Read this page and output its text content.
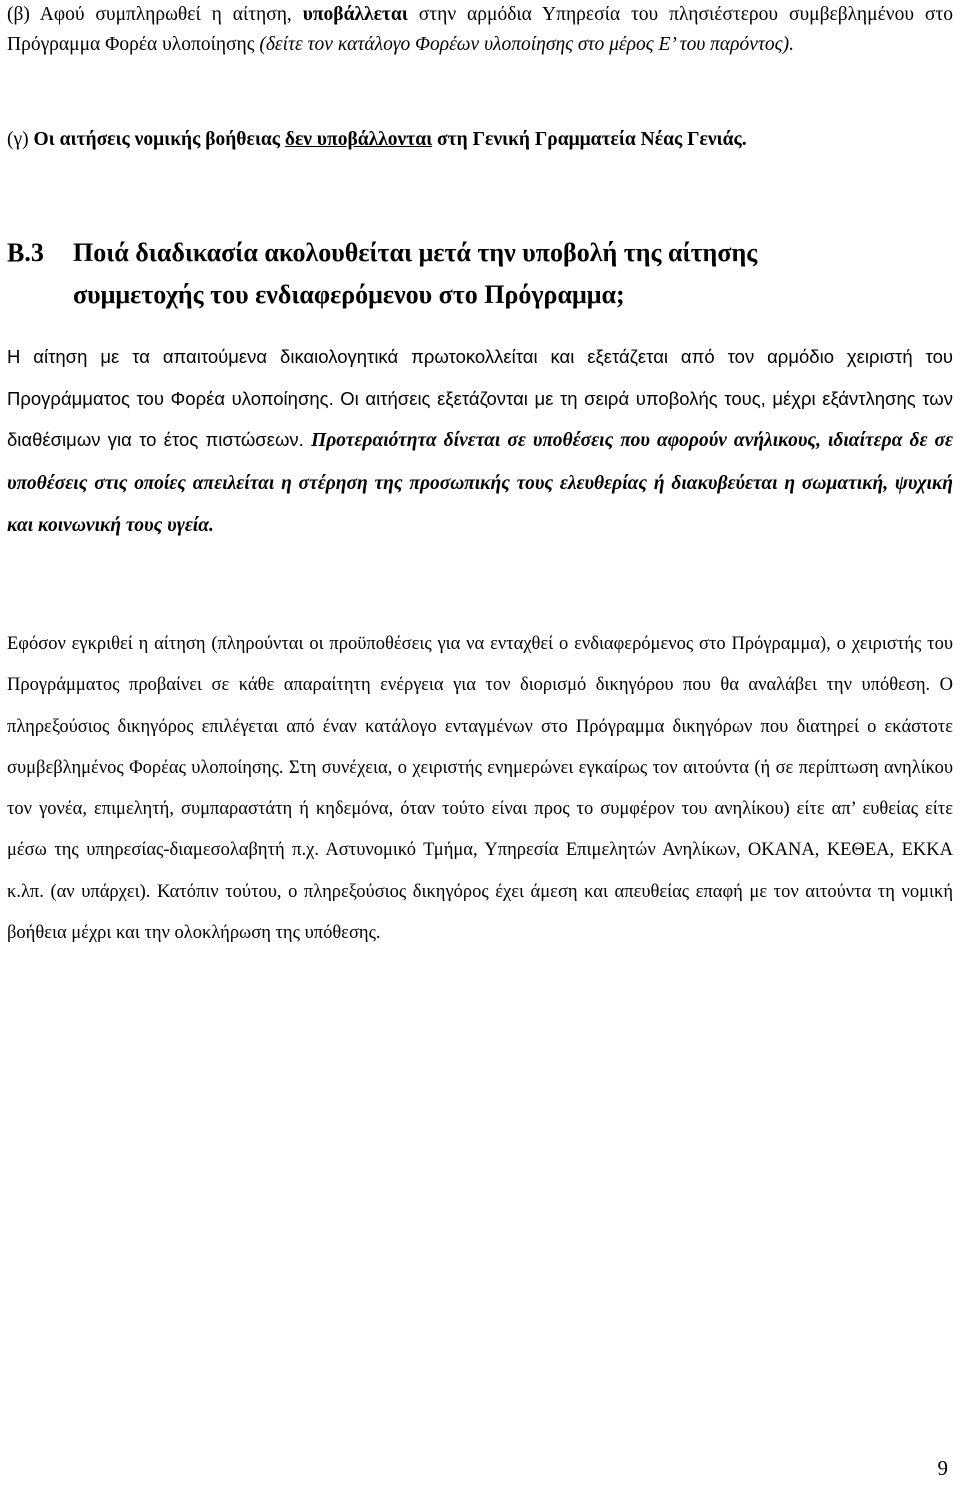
(β) Αφού συμπληρωθεί η αίτηση, υποβάλλεται στην αρμόδια Υπηρεσία του πλησιέστερου συμβεβλημένου στο Πρόγραμμα Φορέα υλοποίησης (δείτε τον κατάλογο Φορέων υλοποίησης στο μέρος Ε’ του παρόντος).
(γ) Οι αιτήσεις νομικής βοήθειας δεν υποβάλλονται στη Γενική Γραμματεία Νέας Γενιάς.
Β.3 Ποιά διαδικασία ακολουθείται μετά την υποβολή της αίτησης
συμμετοχής του ενδιαφερόμενου στο Πρόγραμμα;
Η αίτηση με τα απαιτούμενα δικαιολογητικά πρωτοκολλείται και εξετάζεται από τον αρμόδιο χειριστή του Προγράμματος του Φορέα υλοποίησης. Οι αιτήσεις εξετάζονται με τη σειρά υποβολής τους, μέχρι εξάντλησης των διαθέσιμων για το έτος πιστώσεων. Προτεραιότητα δίνεται σε υποθέσεις που αφορούν ανήλικους, ιδιαίτερα δε σε υποθέσεις στις οποίες απειλείται η στέρηση της προσωπικής τους ελευθερίας ή διακυβεύεται η σωματική, ψυχική και κοινωνική τους υγεία.
Εφόσον εγκριθεί η αίτηση (πληρούνται οι προϋποθέσεις για να ενταχθεί ο ενδιαφερόμενος στο Πρόγραμμα), ο χειριστής του Προγράμματος προβαίνει σε κάθε απαραίτητη ενέργεια για τον διορισμό δικηγόρου που θα αναλάβει την υπόθεση. Ο πληρεξούσιος δικηγόρος επιλέγεται από έναν κατάλογο ενταγμένων στο Πρόγραμμα δικηγόρων που διατηρεί ο εκάστοτε συμβεβλημένος Φορέας υλοποίησης. Στη συνέχεια, ο χειριστής ενημερώνει εγκαίρως τον αιτούντα (ή σε περίπτωση ανηλίκου τον γονέα, επιμελητή, συμπαραστάτη ή κηδεμόνα, όταν τούτο είναι προς το συμφέρον του ανηλίκου) είτε απ’ ευθείας είτε μέσω της υπηρεσίας-διαμεσολαβητή π.χ. Αστυνομικό Τμήμα, Υπηρεσία Επιμελητών Ανηλίκων, ΟΚΑΝΑ, ΚΕΘΕΑ, ΕΚΚΑ κ.λπ. (αν υπάρχει). Κατόπιν τούτου, ο πληρεξούσιος δικηγόρος έχει άμεση και απευθείας επαφή με τον αιτούντα τη νομική βοήθεια μέχρι και την ολοκλήρωση της υπόθεσης.
9
